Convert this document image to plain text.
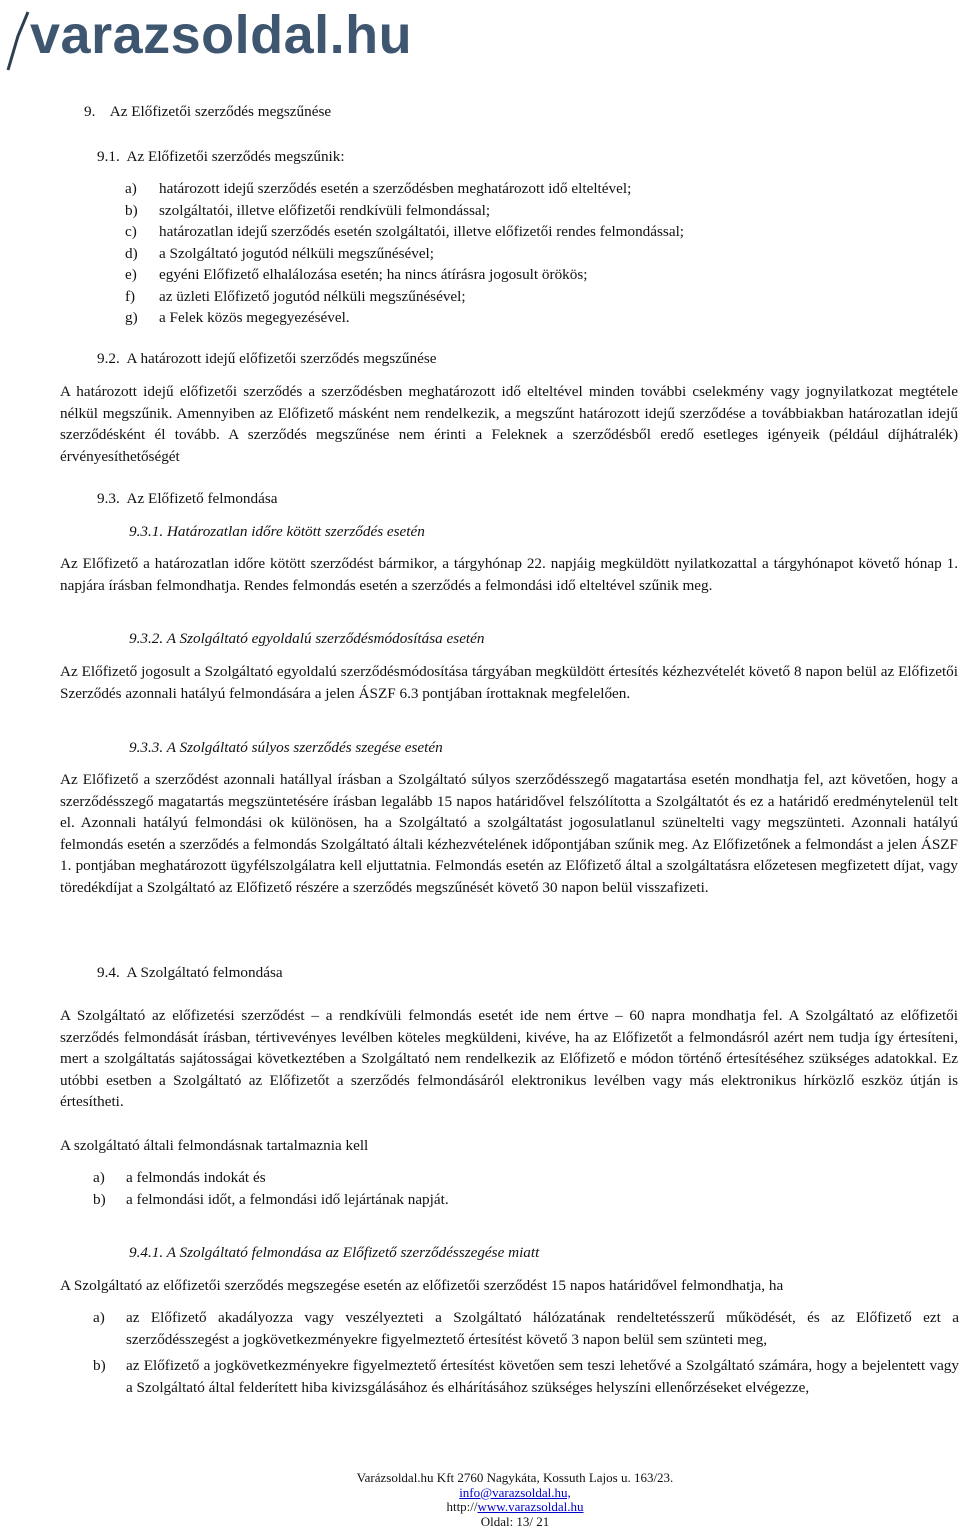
varazsoldal.hu
9.    Az Előfizetői szerződés megszűnése
9.1.  Az Előfizetői szerződés megszűnik:
a)	határozott idejű szerződés esetén a szerződésben meghatározott idő elteltével;
b)	szolgáltatói, illetve előfizetői rendkívüli felmondással;
c)	határozatlan idejű szerződés esetén szolgáltatói, illetve előfizetői rendes felmondással;
d)	a Szolgáltató jogutód nélküli megszűnésével;
e)	egyéni Előfizető elhalálozása esetén; ha nincs átírásra jogosult örökös;
f)	az üzleti Előfizető jogutód nélküli megszűnésével;
g)	a Felek közös megegyezésével.
9.2.  A határozott idejű előfizetői szerződés megszűnése
A határozott idejű előfizetői szerződés a szerződésben meghatározott idő elteltével minden további cselekmény vagy jognyilatkozat megtétele nélkül megszűnik. Amennyiben az Előfizető másként nem rendelkezik, a megszűnt határozott idejű szerződése a továbbiakban határozatlan idejű szerződésként él tovább. A szerződés megszűnése nem érinti a Feleknek a szerződésből eredő esetleges igényeik (például díjhátralék) érvényesíthetőségét
9.3.  Az Előfizető felmondása
9.3.1. Határozatlan időre kötött szerződés esetén
Az Előfizető a határozatlan időre kötött szerződést bármikor, a tárgyhónap 22. napjáig megküldött nyilatkozattal a tárgyhónapot követő hónap 1. napjára írásban felmondhatja. Rendes felmondás esetén a szerződés a felmondási idő elteltével szűnik meg.
9.3.2. A Szolgáltató egyoldalú szerződésmódosítása esetén
Az Előfizető jogosult a Szolgáltató egyoldalú szerződésmódosítása tárgyában megküldött értesítés kézhezvételét követő 8 napon belül az Előfizetői Szerződés azonnali hatályú felmondására a jelen ÁSZF 6.3 pontjában írottaknak megfelelően.
9.3.3. A Szolgáltató súlyos szerződés szegése esetén
Az Előfizető a szerződést azonnali hatállyal írásban a Szolgáltató súlyos szerződésszegő magatartása esetén mondhatja fel, azt követően, hogy a szerződésszegő magatartás megszüntetésére írásban legalább 15 napos határidővel felszólította a Szolgáltatót és ez a határidő eredménytelenül telt el. Azonnali hatályú felmondási ok különösen, ha a Szolgáltató a szolgáltatást jogosulatlanul szüneltelti vagy megszünteti. Azonnali hatályú felmondás esetén a szerződés a felmondás Szolgáltató általi kézhezvételének időpontjában szűnik meg. Az Előfizetőnek a felmondást a jelen ÁSZF 1. pontjában meghatározott ügyfélszolgálatra kell eljuttatnia. Felmondás esetén az Előfizető által a szolgáltatásra előzetesen megfizetett díjat, vagy töredékdíjat a Szolgáltató az Előfizető részére a szerződés megszűnését követő 30 napon belül visszafizeti.
9.4.  A Szolgáltató felmondása
A Szolgáltató az előfizetési szerződést – a rendkívüli felmondás esetét ide nem értve – 60 napra mondhatja fel. A Szolgáltató az előfizetői szerződés felmondását írásban, tértivevényes levélben köteles megküldeni, kivéve, ha az Előfizetőt a felmondásról azért nem tudja így értesíteni, mert a szolgáltatás sajátosságai következtében a Szolgáltató nem rendelkezik az Előfizető e módon történő értesítéséhez szükséges adatokkal. Ez utóbbi esetben a Szolgáltató az Előfizetőt a szerződés felmondásáról elektronikus levélben vagy más elektronikus hírközlő eszköz útján is értesítheti.
A szolgáltató általi felmondásnak tartalmaznia kell
a)	a felmondás indokát és
b)	a felmondási időt, a felmondási idő lejártának napját.
9.4.1. A Szolgáltató felmondása az Előfizető szerződésszegése miatt
A Szolgáltató az előfizetői szerződés megszegése esetén az előfizetői szerződést 15 napos határidővel felmondhatja, ha
a)	az Előfizető akadályozza vagy veszélyezteti a Szolgáltató hálózatának rendeltetésszerű működését, és az Előfizető ezt a szerződésszegést a jogkövetkezményekre figyelmeztető értesítést követő 3 napon belül sem szünteti meg,
b)	az Előfizető a jogkövetkezményekre figyelmeztető értesítést követően sem teszi lehetővé a Szolgáltató számára, hogy a bejelentett vagy a Szolgáltató által felderített hiba kivizsgálásához és elhárításához szükséges helyszíni ellenőrzéseket elvégezze,
Varázsoldal.hu Kft 2760 Nagykáta, Kossuth Lajos u. 163/23.
info@varazsoldal.hu,
http://www.varazsoldal.hu
Oldal: 13/ 21
